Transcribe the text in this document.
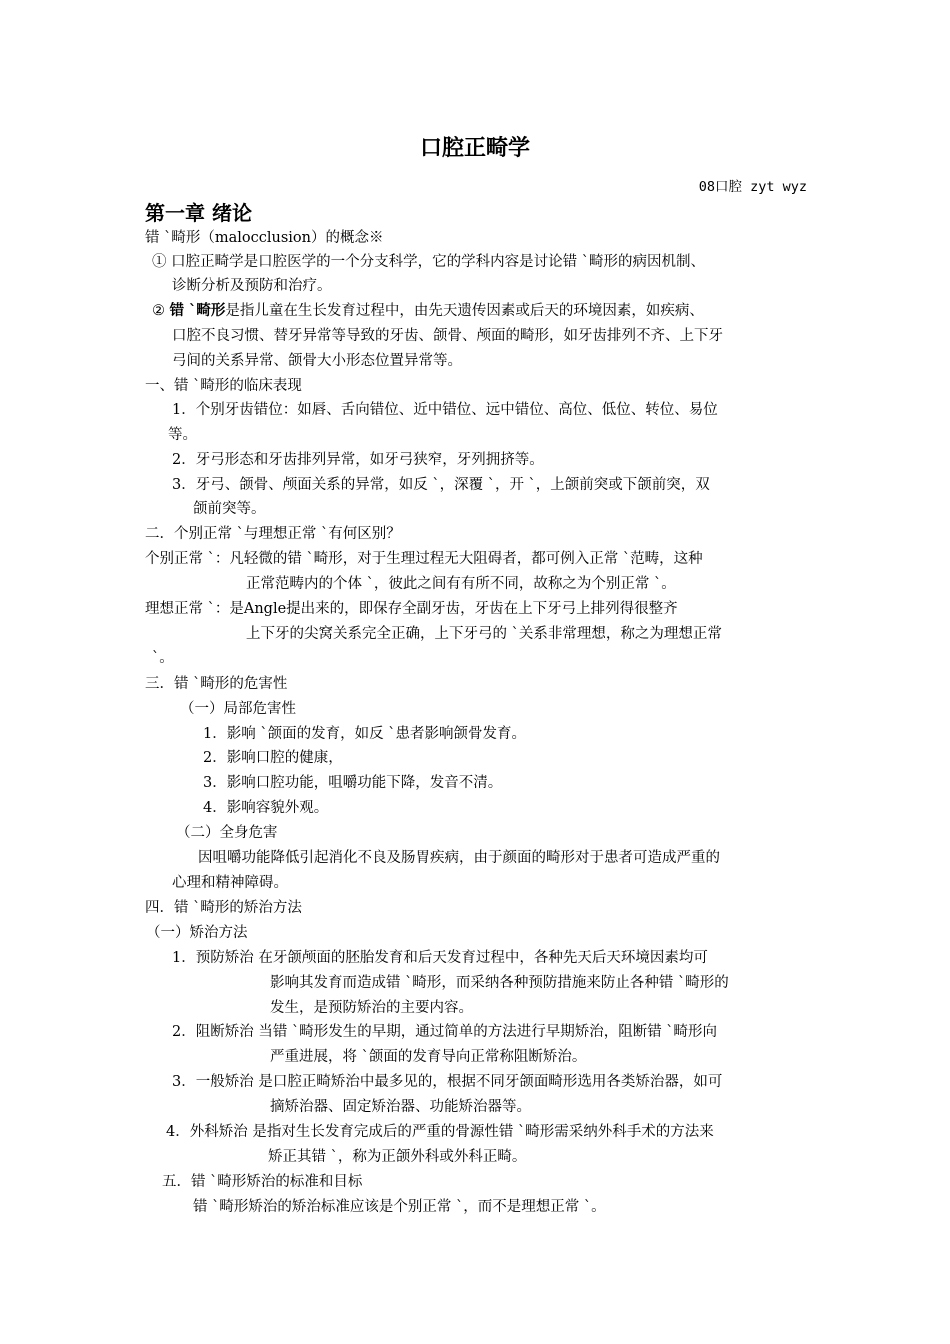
口腔正畸学
08口腔 zyt wyz
第一章 绪论
错 ˋ畸形（malocclusion）的概念※
① 口腔正畸学是口腔医学的一个分支科学，它的学科内容是讨论错 ˋ畸形的病因机制、
诊断分析及预防和治疗。
② 错 ˋ畸形是指儿童在生长发育过程中，由先天遗传因素或后天的环境因素，如疾病、
口腔不良习惯、替牙异常等导致的牙齿、颌骨、颅面的畸形，如牙齿排列不齐、上下牙
弓间的关系异常、颌骨大小形态位置异常等。
一、错 ˋ畸形的临床表现
1．个别牙齿错位：如唇、舌向错位、近中错位、远中错位、高位、低位、转位、易位
等。
2．牙弓形态和牙齿排列异常，如牙弓狭窄，牙列拥挤等。
3．牙弓、颌骨、颅面关系的异常，如反 ˋ，深覆 ˋ，开 ˋ，上颌前突或下颌前突，双
颌前突等。
二．个别正常 ˋ与理想正常 ˋ有何区别？
个别正常 ˋ：凡轻微的错 ˋ畸形，对于生理过程无大阻碍者，都可例入正常 ˋ范畴，这种
正常范畴内的个体 ˋ，彼此之间有有所不同，故称之为个别正常 ˋ。
理想正常 ˋ：是Angle提出来的，即保存全副牙齿，牙齿在上下牙弓上排列得很整齐
上下牙的尖窝关系完全正确，上下牙弓的 ˋ关系非常理想，称之为理想正常
ˋ。
三．错 ˋ畸形的危害性
（一）局部危害性
1．影响 ˋ颌面的发育，如反 ˋ患者影响颌骨发育。
2．影响口腔的健康，
3．影响口腔功能，咀嚼功能下降，发音不清。
4．影响容貌外观。
（二）全身危害
因咀嚼功能降低引起消化不良及肠胃疾病，由于颜面的畸形对于患者可造成严重的
心理和精神障碍。
四．错 ˋ畸形的矫治方法
（一）矫治方法
1．预防矫治 在牙颌颅面的胚胎发育和后天发育过程中，各种先天后天环境因素均可
影响其发育而造成错 ˋ畸形，而采纳各种预防措施来防止各种错 ˋ畸形的
发生，是预防矫治的主要内容。
2．阻断矫治 当错 ˋ畸形发生的早期，通过简单的方法进行早期矫治，阻断错 ˋ畸形向
严重进展，将 ˋ颌面的发育导向正常称阻断矫治。
3．一般矫治 是口腔正畸矫治中最多见的，根据不同牙颌面畸形选用各类矫治器，如可
摘矫治器、固定矫治器、功能矫治器等。
4．外科矫治 是指对生长发育完成后的严重的骨源性错 ˋ畸形需采纳外科手术的方法来
矫正其错 ˋ，称为正颌外科或外科正畸。
五．错 ˋ畸形矫治的标准和目标
错 ˋ畸形矫治的矫治标准应该是个别正常 ˋ，而不是理想正常 ˋ。
